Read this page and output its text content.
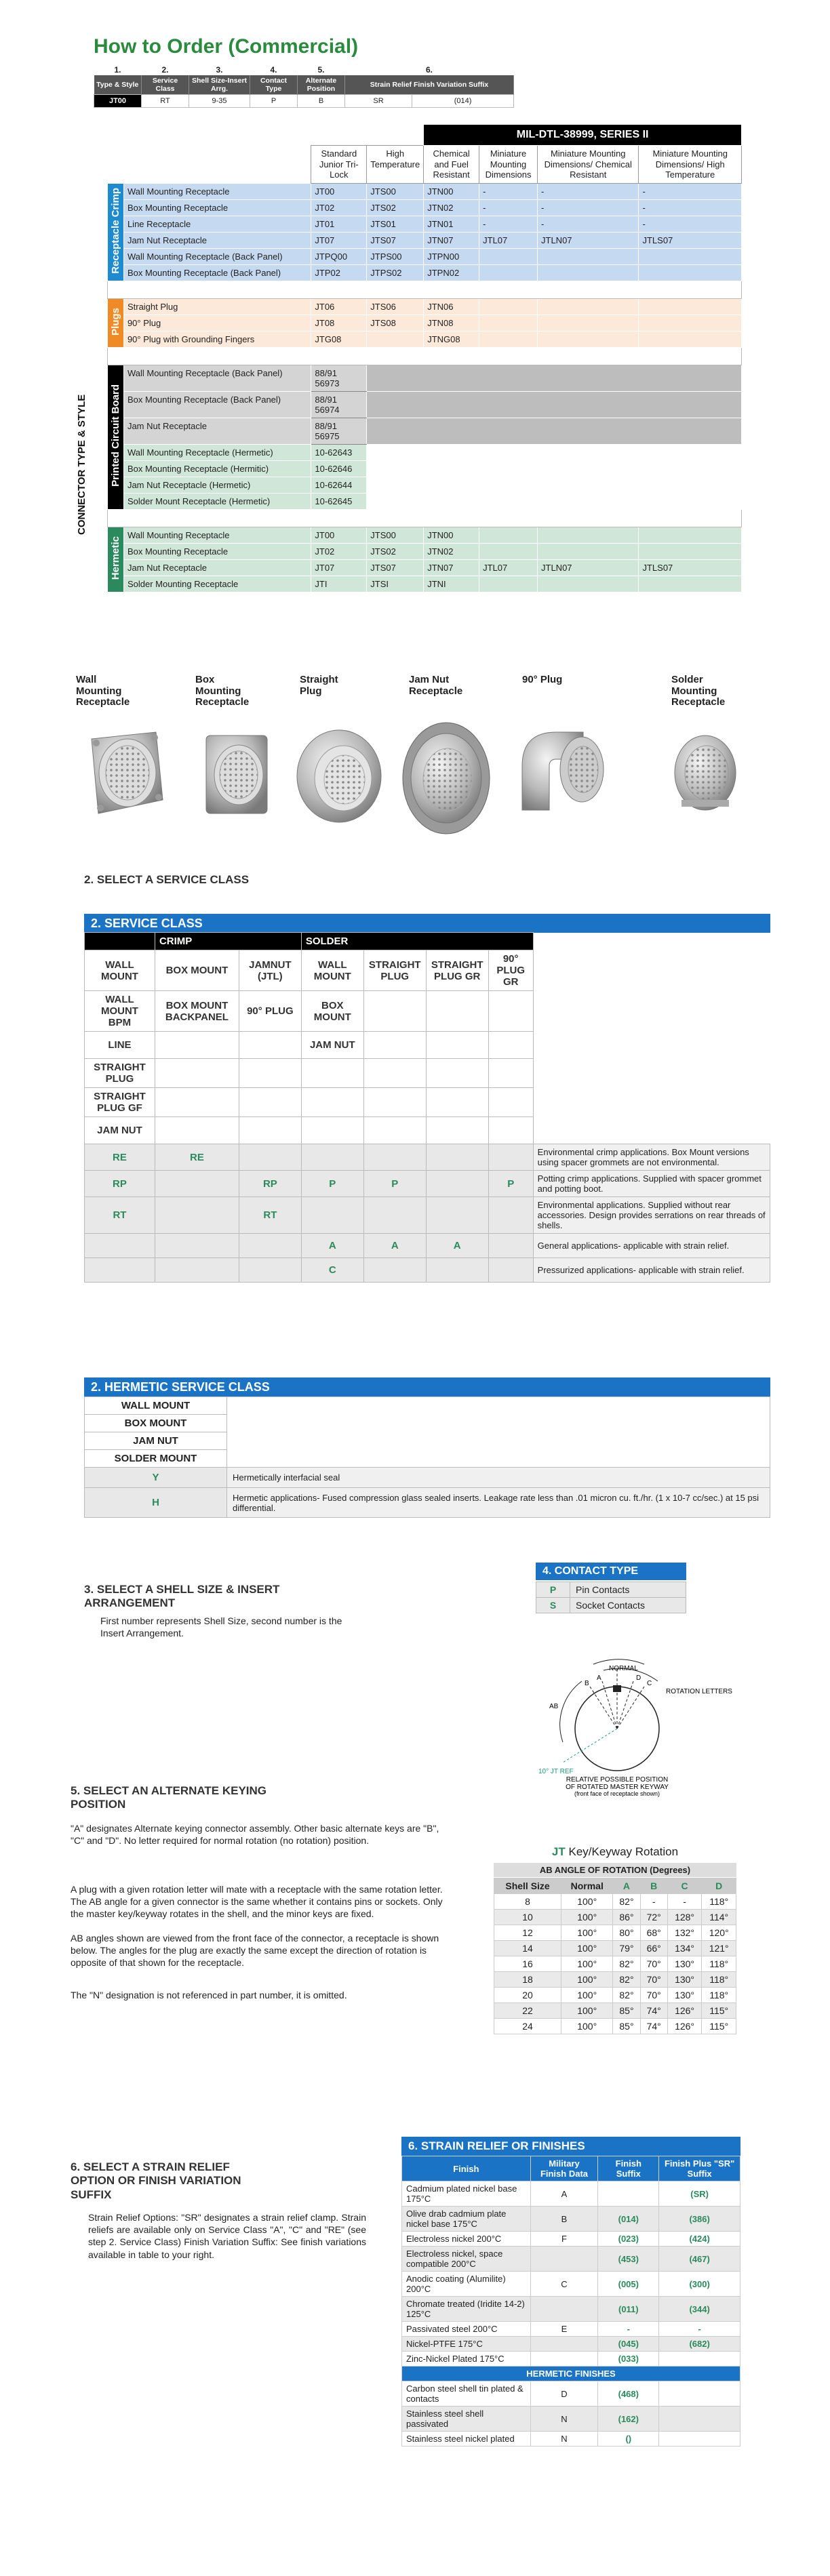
How to Order (Commercial)
1.	2.	3.	4.	5.	6.	
Type & Style	Service Class	Shell Size-Insert Arrg.	Contact Type	Alternate Position	Strain Relief Finish Variation Suffix	
JT00	RT	9-35	P	B	SR	(014)
CONNECTOR TYPE & STYLE
				MIL-DTL-38999, SERIES II			
		Standard Junior Tri-Lock	High Temperature	Chemical and Fuel Resistant	Miniature Mounting Dimensions	Miniature Mounting Dimensions/ Chemical Resistant	Miniature Mounting Dimensions/ High Temperature
Receptacle Crimp	Wall Mounting Receptacle	JT00	JTS00	JTN00	-	-	-
	Box Mounting Receptacle	JT02	JTS02	JTN02	-	-	-
	Line Receptacle	JT01	JTS01	JTN01	-	-	-
	Jam Nut Receptacle	JT07	JTS07	JTN07	JTL07	JTLN07	JTLS07
	Wall Mounting Receptacle (Back Panel)	JTPQ00	JTPS00	JTPN00			
	Box Mounting Receptacle (Back Panel)	JTP02	JTPS02	JTPN02			

Plugs	Straight Plug	JT06	JTS06	JTN06			
	90° Plug	JT08	JTS08	JTN08			
	90° Plug with Grounding Fingers	JTG08		JTNG08			

Printed Circuit Board	Wall Mounting Receptacle (Back Panel)	88/91 56973					
	Box Mounting Receptacle (Back Panel)	88/91 56974					
	Jam Nut Receptacle	88/91 56975					
	Wall Mounting Receptacle (Hermetic)	10-62643					
	Box Mounting Receptacle (Hermitic)	10-62646					
	Jam Nut Receptacle (Hermetic)	10-62644					
	Solder Mount Receptacle (Hermetic)	10-62645					

Hermetic	Wall Mounting Receptacle	JT00	JTS00	JTN00			
	Box Mounting Receptacle	JT02	JTS02	JTN02			
	Jam Nut Receptacle	JT07	JTS07	JTN07	JTL07	JTLN07	JTLS07
	Solder Mounting Receptacle	JTI	JTSI	JTNI			
Wall Mounting Receptacle
Box Mounting Receptacle
Straight Plug
Jam Nut Receptacle
90° Plug	Solder Mounting Receptacle
2. SELECT A SERVICE CLASS
2. SERVICE CLASS
	CRIMP		SOLDER				
WALL MOUNT	BOX MOUNT	JAMNUT (JTL)	WALL MOUNT	STRAIGHT PLUG	STRAIGHT PLUG GR	90° PLUG GR	
WALL MOUNT BPM	BOX MOUNT BACKPANEL	90° PLUG	BOX MOUNT				
LINE			JAM NUT				
STRAIGHT PLUG							
STRAIGHT PLUG GF							
JAM NUT							
RE	RE						Environmental crimp applications. Box Mount versions using spacer grommets are not environmental.
RP		RP	P	P		P	Potting crimp applications. Supplied with spacer grommet and potting boot.
RT		RT					Environmental applications. Supplied without rear accessories. Design provides serrations on rear threads of shells.
			A	A	A		General applications- applicable with strain relief.
			C				Pressurized applications- applicable with strain relief.
2. HERMETIC SERVICE CLASS
WALL MOUNT	
BOX MOUNT	
JAM NUT	
SOLDER MOUNT	
Y	Hermetically interfacial seal
H	Hermetic applications- Fused compression glass sealed inserts. Leakage rate less than .01 micron cu. ft./hr. (1 x 10-7 cc/sec.) at 15 psi differential.
3. SELECT A SHELL SIZE & INSERT ARRANGEMENT
First number represents Shell Size, second number is the Insert Arrangement.
4. CONTACT TYPE
P	Pin Contacts
S	Socket Contacts
NORMAL
B
A	D
C
ROTATION LETTERS
AB
10° JT REF
RELATIVE POSSIBLE POSITION
OF ROTATED MASTER KEYWAY
(front face of receptacle shown)
5. SELECT AN ALTERNATE KEYING POSITION
"A" designates Alternate keying connector assembly. Other basic alternate keys are "B", "C" and "D". No letter required for normal rotation (no rotation) position.
A plug with a given rotation letter will mate with a receptacle with the same rotation letter. The AB angle for a given connector is the same whether it contains pins or sockets. Only the master key/keyway rotates in the shell, and the minor keys are fixed.
AB angles shown are viewed from the front face of the connector, a receptacle is shown below. The angles for the plug are exactly the same except the direction of rotation is opposite of that shown for the receptacle.
The "N" designation is not referenced in part number, it is omitted.
JT Key/Keyway Rotation
AB ANGLE OF ROTATION (Degrees)
Shell Size	Normal	A	B	C	D
8	100°	82°	-	-	118°
10	100°	86°	72°	128°	114°
12	100°	80°	68°	132°	120°
14	100°	79°	66°	134°	121°
16	100°	82°	70°	130°	118°
18	100°	82°	70°	130°	118°
20	100°	82°	70°	130°	118°
22	100°	85°	74°	126°	115°
24	100°	85°	74°	126°	115°
6. SELECT A STRAIN RELIEF OPTION OR FINISH VARIATION SUFFIX
Strain Relief Options: "SR" designates a strain relief clamp. Strain reliefs are available only on Service Class "A", "C" and "RE" (see step 2. Service Class) Finish Variation Suffix: See finish variations available in table to your right.
6. STRAIN RELIEF OR FINISHES
Finish	Military Finish Data	Finish Suffix	Finish Plus "SR" Suffix
Cadmium plated nickel base 175°C	A		(SR)
Olive drab cadmium plate nickel base 175°C	B	(014)	(386)
Electroless nickel 200°C	F	(023)	(424)
Electroless nickel, space compatible 200°C		(453)	(467)
Anodic coating (Alumilite) 200°C	C	(005)	(300)
Chromate treated (Iridite 14-2) 125°C		(011)	(344)
Passivated steel 200°C	E	-	-
Nickel-PTFE 175°C		(045)	(682)
Zinc-Nickel Plated 175°C		(033)	
HERMETIC FINISHES			
Carbon steel shell tin plated & contacts	D	(468)	
Stainless steel shell passivated	N	(162)	
Stainless steel nickel plated	N	()	
